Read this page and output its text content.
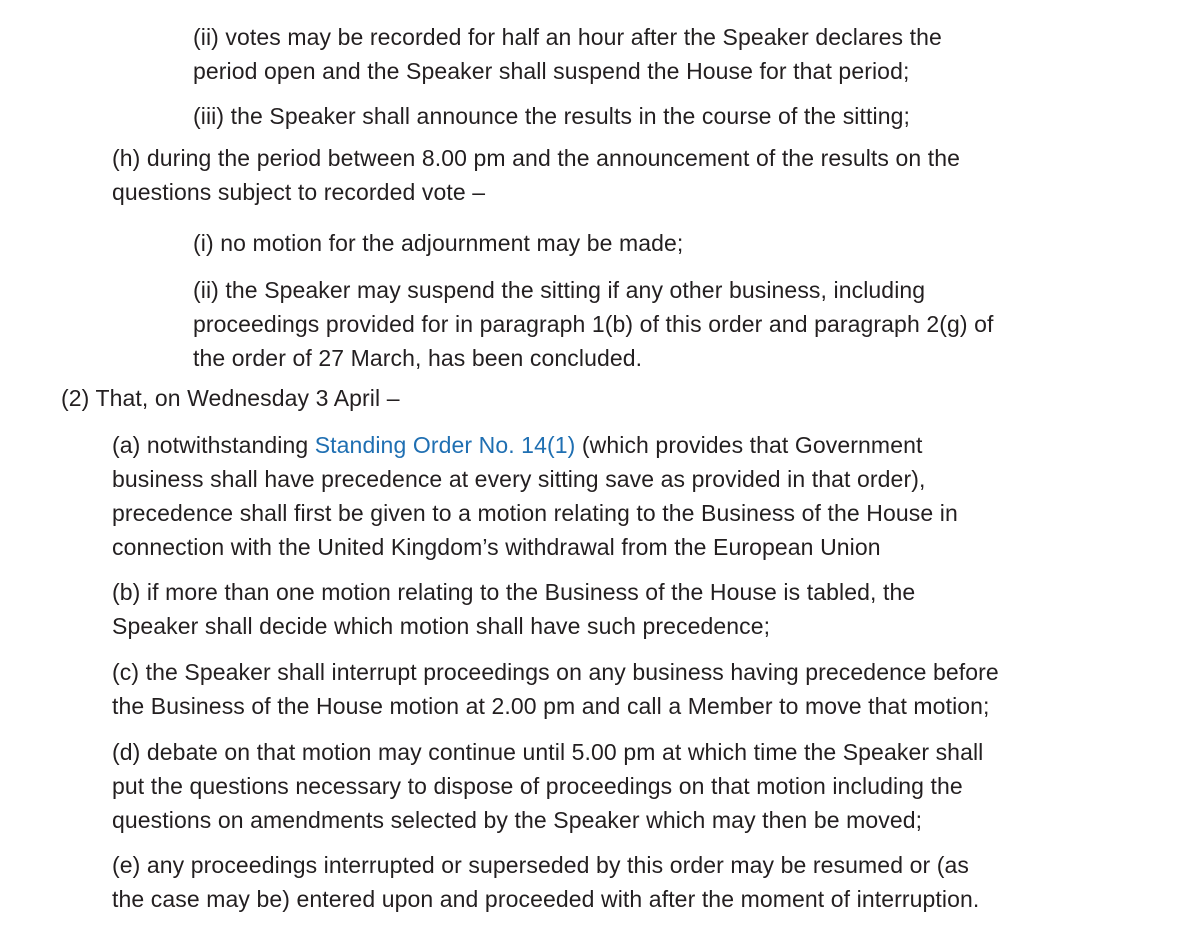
(ii) votes may be recorded for half an hour after the Speaker declares the
period open and the Speaker shall suspend the House for that period;

(iii) the Speaker shall announce the results in the course of the sitting;

(h) during the period between 8.00 pm and the announcement of the results on the
questions subject to recorded vote –

(i) no motion for the adjournment may be made;

(ii) the Speaker may suspend the sitting if any other business, including
proceedings provided for in paragraph 1(b) of this order and paragraph 2(g) of
the order of 27 March, has been concluded.

(2) That, on Wednesday 3 April –

(a) notwithstanding Standing Order No. 14(1) (which provides that Government
business shall have precedence at every sitting save as provided in that order),
precedence shall first be given to a motion relating to the Business of the House in
connection with the United Kingdom’s withdrawal from the European Union

(b) if more than one motion relating to the Business of the House is tabled, the
Speaker shall decide which motion shall have such precedence;

(c) the Speaker shall interrupt proceedings on any business having precedence before
the Business of the House motion at 2.00 pm and call a Member to move that motion;

(d) debate on that motion may continue until 5.00 pm at which time the Speaker shall
put the questions necessary to dispose of proceedings on that motion including the
questions on amendments selected by the Speaker which may then be moved;

(e) any proceedings interrupted or superseded by this order may be resumed or (as
the case may be) entered upon and proceeded with after the moment of interruption.
